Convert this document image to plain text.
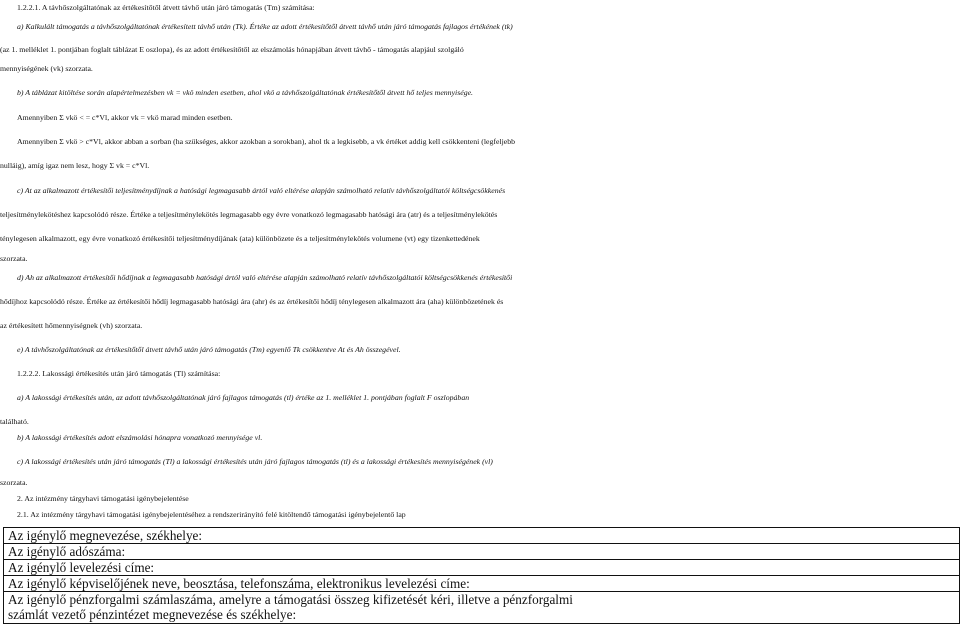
1.2.2.1. A távhőszolgáltatónak az értékesítőtől átvett távhő után járó támogatás (Tm) számítása:
a) Kalkulált támogatás a távhőszolgáltatónak értékesített távhő után (Tk). Értéke az adott értékesítőtől átvett távhő után járó támogatás fajlagos értékének (tk)
(az 1. melléklet 1. pontjában foglalt táblázat E oszlopa), és az adott értékesítőtől az elszámolás hónapjában átvett távhő - támogatás alapjául szolgáló
mennyiségének (vk) szorzata.
b) A táblázat kitöltése során alapértelmezésben vk = vkö minden esetben, ahol vkö a távhőszolgáltatónak értékesítőtől átvett hő teljes mennyisége.
Amennyiben Σ vkö < = c*Vl, akkor vk = vkö marad minden esetben.
Amennyiben Σ vkö > c*Vl, akkor abban a sorban (ha szükséges, akkor azokban a sorokban), ahol tk a legkisebb, a vk értéket addig kell csökkenteni (legfeljebb
nulláig), amíg igaz nem lesz, hogy Σ vk = c*Vl.
c) At az alkalmazott értékesítői teljesítménydíjnak a hatósági legmagasabb ártól való eltérése alapján számolható relatív távhőszolgáltatói költségcsökkenés
teljesítménylekötéshez kapcsolódó része. Értéke a teljesítménylekötés legmagasabb egy évre vonatkozó legmagasabb hatósági ára (atr) és a teljesítménylekötés
ténylegesen alkalmazott, egy évre vonatkozó értékesítői teljesítménydíjának (ata) különbözete és a teljesítménylekötés volumene (vt) egy tizenkettedének
szorzata.
d) Ah az alkalmazott értékesítői hődíjnak a legmagasabb hatósági ártól való eltérése alapján számolható relatív távhőszolgáltatói költségcsökkenés értékesítői
hődíjhoz kapcsolódó része. Értéke az értékesítői hődíj legmagasabb hatósági ára (ahr) és az értékesítői hődíj ténylegesen alkalmazott ára (aha) különbözetének és
az értékesített hőmennyiségnek (vh) szorzata.
e) A távhőszolgáltatónak az értékesítőtől átvett távhő után járó támogatás (Tm) egyenlő Tk csökkentve At és Ah összegével.
1.2.2.2. Lakossági értékesítés után járó támogatás (Tl) számítása:
a) A lakossági értékesítés után, az adott távhőszolgáltatónak járó fajlagos támogatás (tl) értéke az 1. melléklet 1. pontjában foglalt F oszlopában
található.
b) A lakossági értékesítés adott elszámolási hónapra vonatkozó mennyisége vl.
c) A lakossági értékesítés után járó támogatás (Tl) a lakossági értékesítés után járó fajlagos támogatás (tl) és a lakossági értékesítés mennyiségének (vl)
szorzata.
2. Az intézmény tárgyhavi támogatási igénybejelentése
2.1. Az intézmény tárgyhavi támogatási igénybejelentéséhez a rendszerirányító felé kitöltendő támogatási igénybejelentő lap
Az igénylő megnevezése, székhelye:
Az igénylő adószáma:
Az igénylő levelezési címe:
Az igénylő képviselőjének neve, beosztása, telefonszáma, elektronikus levelezési címe:
Az igénylő pénzforgalmi számlaszáma, amelyre a támogatási összeg kifizetését kéri, illetve a pénzforgalmi
számlát vezető pénzintézet megnevezése és székhelye:
